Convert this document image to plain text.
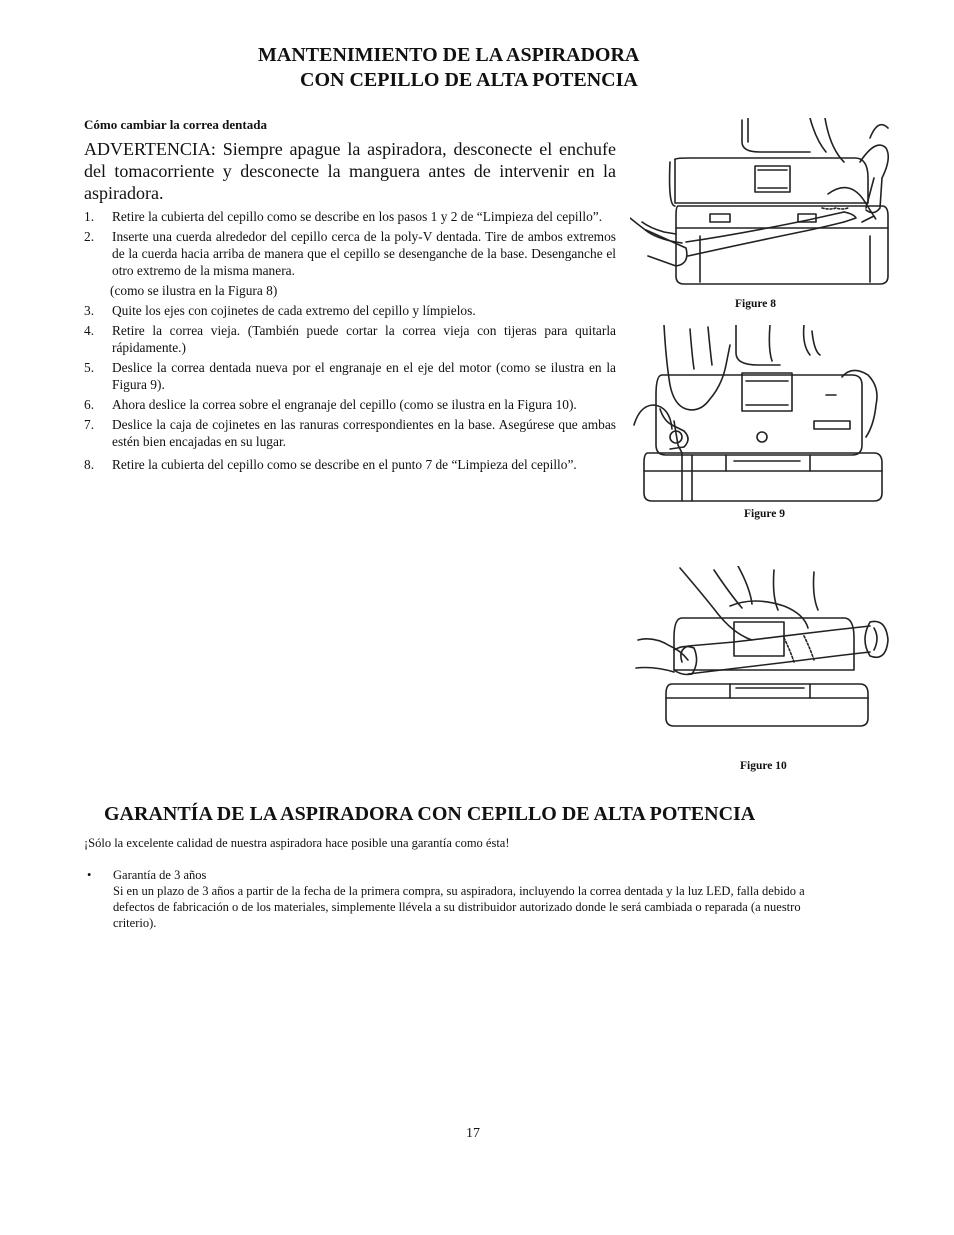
MANTENIMIENTO DE LA ASPIRADORA
CON CEPILLO DE ALTA POTENCIA

Cómo cambiar la correa dentada

ADVERTENCIA: Siempre apague la aspiradora, desconecte el enchufe del tomacorriente y desconecte la manguera antes de intervenir en la aspiradora.

1. Retire la cubierta del cepillo como se describe en los pasos 1 y 2 de “Limpieza del cepillo”.
2. Inserte una cuerda alrededor del cepillo cerca de la poly-V dentada. Tire de ambos extremos de la cuerda hacia arriba de manera que el cepillo se desenganche de la base. Desenganche el otro extremo de la misma manera.
(como se ilustra en la Figura 8)
3. Quite los ejes con cojinetes de cada extremo del cepillo y límpielos.
4. Retire la correa vieja. (También puede cortar la correa vieja con tijeras para quitarla rápidamente.)
5. Deslice la correa dentada nueva por el engranaje en el eje del motor (como se ilustra en la Figura 9).
6. Ahora deslice la correa sobre el engranaje del cepillo (como se ilustra en la Figura 10).
7. Deslice la caja de cojinetes en las ranuras correspondientes en la base. Asegúrese que ambas estén bien encajadas en su lugar.
8. Retire la cubierta del cepillo como se describe en el punto 7 de “Limpieza del cepillo”.
Figure 8
Figure 9
Figure 10
GARANTÍA DE LA ASPIRADORA CON CEPILLO DE ALTA POTENCIA

¡Sólo la excelente calidad de nuestra aspiradora hace posible una garantía como ésta!

• Garantía de 3 años
Si en un plazo de 3 años a partir de la fecha de la primera compra, su aspiradora, incluyendo la correa dentada y la luz LED, falla debido a defectos de fabricación o de los materiales, simplemente llévela a su distribuidor autorizado donde le será cambiada o reparada (a nuestro criterio).
17
